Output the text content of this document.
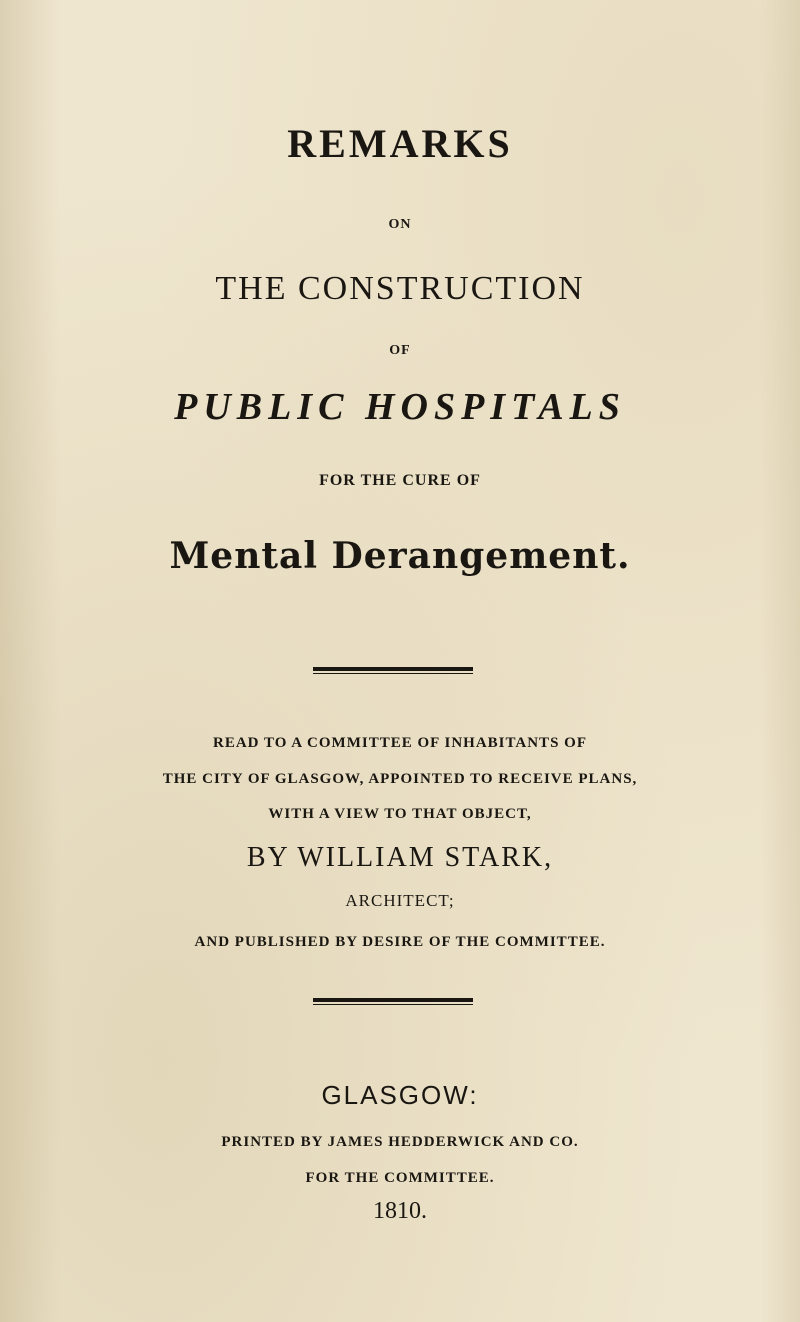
REMARKS
ON
THE CONSTRUCTION
OF
PUBLIC HOSPITALS
FOR THE CURE OF
Mental Derangement.
READ TO A COMMITTEE OF INHABITANTS OF
THE CITY OF GLASGOW, APPOINTED TO RECEIVE PLANS,
WITH A VIEW TO THAT OBJECT,
BY WILLIAM STARK,
ARCHITECT;
AND PUBLISHED BY DESIRE OF THE COMMITTEE.
GLASGOW:
PRINTED BY JAMES HEDDERWICK AND CO.
FOR THE COMMITTEE.
1810.
